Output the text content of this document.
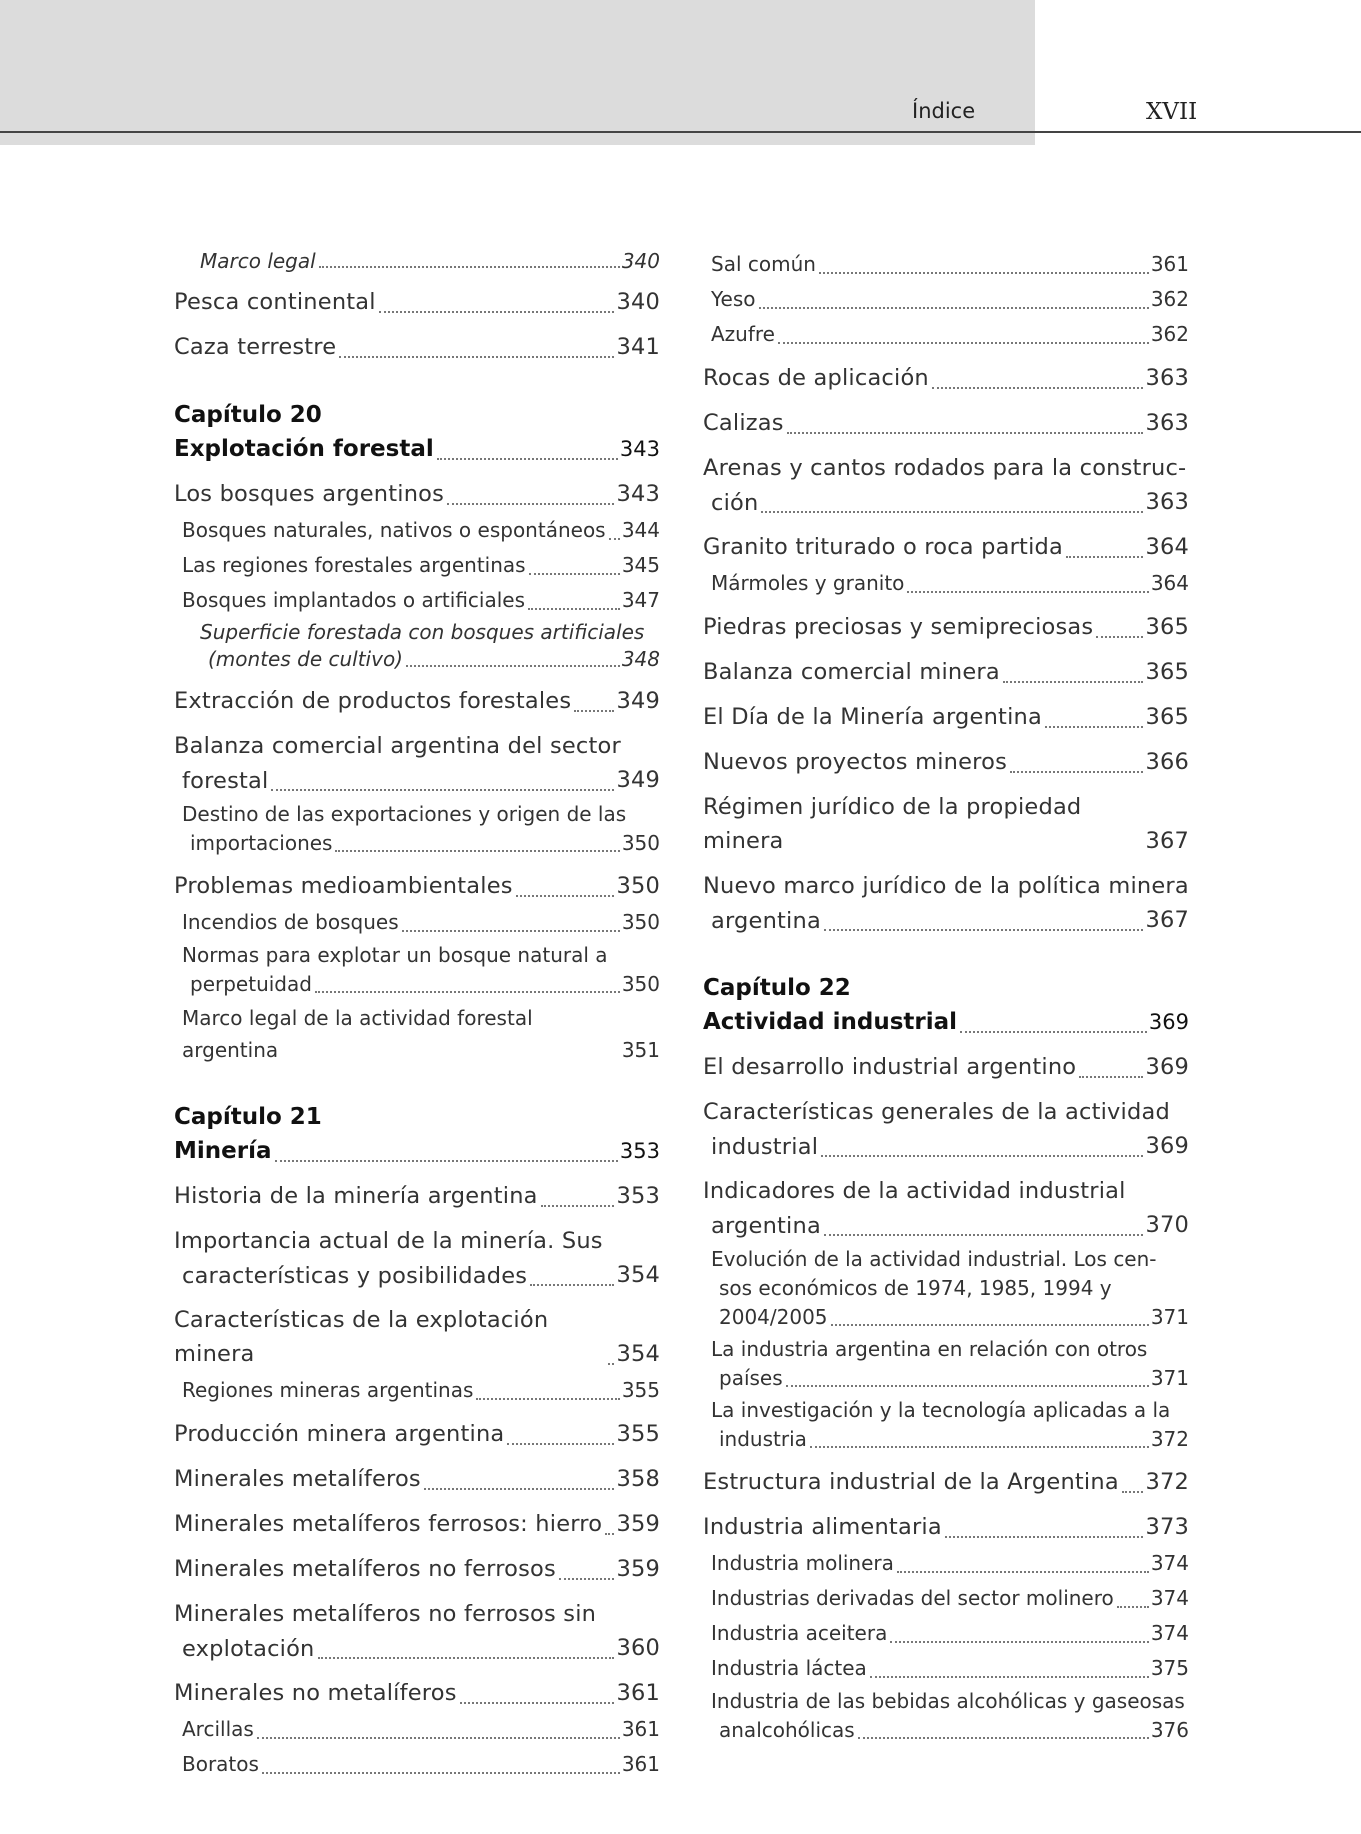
Índice	XVII
Marco legal	340
Pesca continental	340
Caza terrestre	341
Capítulo 20
Explotación forestal	343
Los bosques argentinos	343
Bosques naturales, nativos o espontáneos 344
Las regiones forestales argentinas	345
Bosques implantados o artificiales	347
Superficie forestada con bosques artificiales
(montes de cultivo)	348
Extracción de productos forestales 349
Balanza comercial argentina del sector
forestal	349
Destino de las exportaciones y origen de las
importaciones	350
Problemas medioambientales	350
Incendios de bosques	350
Normas para explotar un bosque natural a
perpetuidad	350
Marco legal de la actividad forestal argentina	351
Capítulo 21
Minería	353
Historia de la minería argentina	353
Importancia actual de la minería. Sus
características y posibilidades	354
Características de la explotación minera	354
Regiones mineras argentinas	355
Producción minera argentina	355
Minerales metalíferos	358
Minerales metalíferos ferrosos: hierro 359
Minerales metalíferos no ferrosos	359
Minerales metalíferos no ferrosos sin
explotación	360
Minerales no metalíferos	361
Arcillas	361
Boratos	361
Sal común	361
Yeso	362
Azufre	362
Rocas de aplicación	363
Calizas	363
Arenas y cantos rodados para la construc-
ción	363
Granito triturado o roca partida	364
Mármoles y granito	364
Piedras preciosas y semipreciosas 365
Balanza comercial minera	365
El Día de la Minería argentina	365
Nuevos proyectos mineros	366
Régimen jurídico de la propiedad minera	367
Nuevo marco jurídico de la política minera
argentina	367
Capítulo 22
Actividad industrial	369
El desarrollo industrial argentino	369
Características generales de la actividad
industrial	369
Indicadores de la actividad industrial
argentina	370
Evolución de la actividad industrial. Los cen-
sos económicos de 1974, 1985, 1994 y
2004/2005	371
La industria argentina en relación con otros
países	371
La investigación y la tecnología aplicadas a la
industria	372
Estructura industrial de la Argentina 372
Industria alimentaria	373
Industria molinera	374
Industrias derivadas del sector molinero 374
Industria aceitera	374
Industria láctea	375
Industria de las bebidas alcohólicas y gaseosas
analcohólicas	376
